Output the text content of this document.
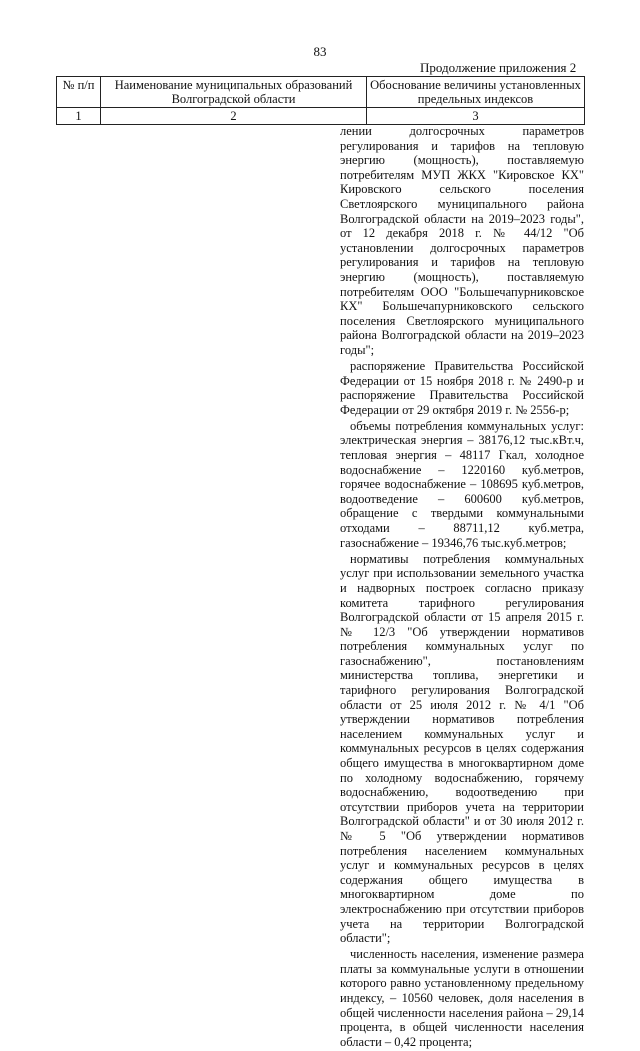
83
Продолжение приложения 2
№ п/п	Наименование муниципальных образований Волгоградской области	Обоснование величины установленных предельных индексов
1	2	3

лении долгосрочных параметров регулирования и тарифов на тепловую энергию (мощность), поставляемую потребителям МУП ЖКХ "Кировское КХ" Кировского сельского поселения Светлоярского муниципального района Волгоградской области на 2019–2023 годы", от 12 декабря 2018 г. № 44/12 "Об установлении долгосрочных параметров регулирования и тарифов на тепловую энергию (мощность), поставляемую потребителям ООО "Большечапурниковское КХ" Большечапурниковского сельского поселения Светлоярского муниципального района Волгоградской области на 2019–2023 годы";

распоряжение Правительства Российской Федерации от 15 ноября 2018 г. № 2490-р и распоряжение Правительства Российской Федерации от 29 октября 2019 г. № 2556-р;

объемы потребления коммунальных услуг: электрическая энергия – 38176,12 тыс.кВт.ч, тепловая энергия – 48117 Гкал, холодное водоснабжение – 1220160 куб.метров, горячее водоснабжение – 108695 куб.метров, водоотведение – 600600 куб.метров, обращение с твердыми коммунальными отходами – 88711,12 куб.метра, газоснабжение – 19346,76 тыс.куб.метров;

нормативы потребления коммунальных услуг при использовании земельного участка и надворных построек согласно приказу комитета тарифного регулирования Волгоградской области от 15 апреля 2015 г. № 12/3 "Об утверждении нормативов потребления коммунальных услуг по газоснабжению", постановлениям министерства топлива, энергетики и тарифного регулирования Волгоградской области от 25 июля 2012 г. № 4/1 "Об утверждении нормативов потребления населением коммунальных услуг и коммунальных ресурсов в целях содержания общего имущества в многоквартирном доме по холодному водоснабжению, горячему водоснабжению, водоотведению при отсутствии приборов учета на территории Волгоградской области" и от 30 июля 2012 г. № 5 "Об утверждении нормативов потребления населением коммунальных услуг и коммунальных ресурсов в целях содержания общего имущества в многоквартирном доме по электроснабжению при отсутствии приборов учета на территории Волгоградской области";

численность населения, изменение размера платы за коммунальные услуги в отношении которого равно установленному предельному индексу, – 10560 человек, доля населения в общей численности населения района – 29,14 процента, в общей численности населения области – 0,42 процента;
